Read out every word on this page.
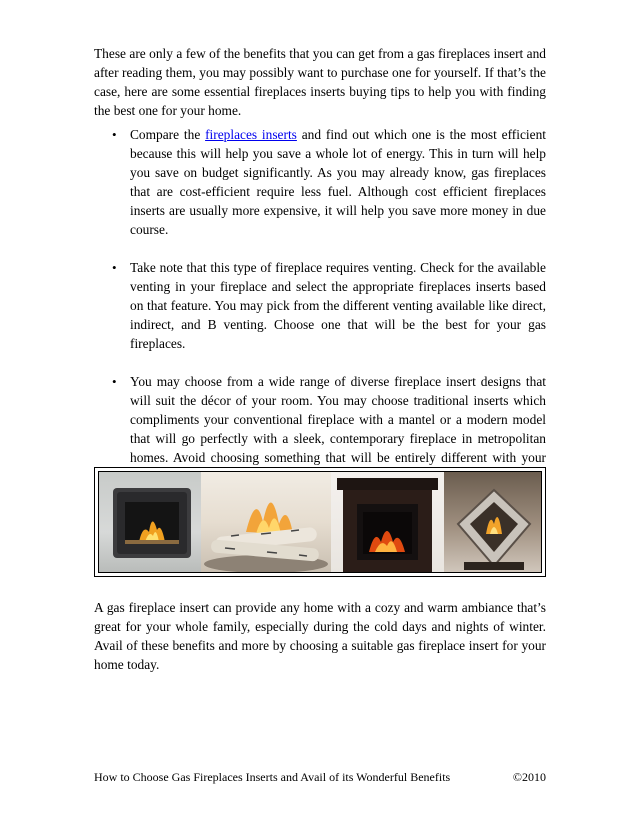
These are only a few of the benefits that you can get from a gas fireplaces insert and after reading them, you may possibly want to purchase one for yourself. If that’s the case, here are some essential fireplaces inserts buying tips to help you with finding the best one for your home.

• Compare the fireplaces inserts and find out which one is the most efficient because this will help you save a whole lot of energy. This in turn will help you save on budget significantly. As you may already know, gas fireplaces that are cost-efficient require less fuel. Although cost efficient fireplaces inserts are usually more expensive, it will help you save more money in due course.
• Take note that this type of fireplace requires venting. Check for the available venting in your fireplace and select the appropriate fireplaces inserts based on that feature. You may pick from the different venting available like direct, indirect, and B venting. Choose one that will be the best for your gas fireplaces.
• You may choose from a wide range of diverse fireplace insert designs that will suit the décor of your room. You may choose traditional inserts which compliments your conventional fireplace with a mantel or a modern model that will go perfectly with a sleek, contemporary fireplace in metropolitan homes. Avoid choosing something that will be entirely different with your

A gas fireplace insert can provide any home with a cozy and warm ambiance that’s great for your whole family, especially during the cold days and nights of winter. Avail of these benefits and more by choosing a suitable gas fireplace insert for your home today.

How to Choose Gas Fireplaces Inserts and Avail of its Wonderful Benefits	©2010
